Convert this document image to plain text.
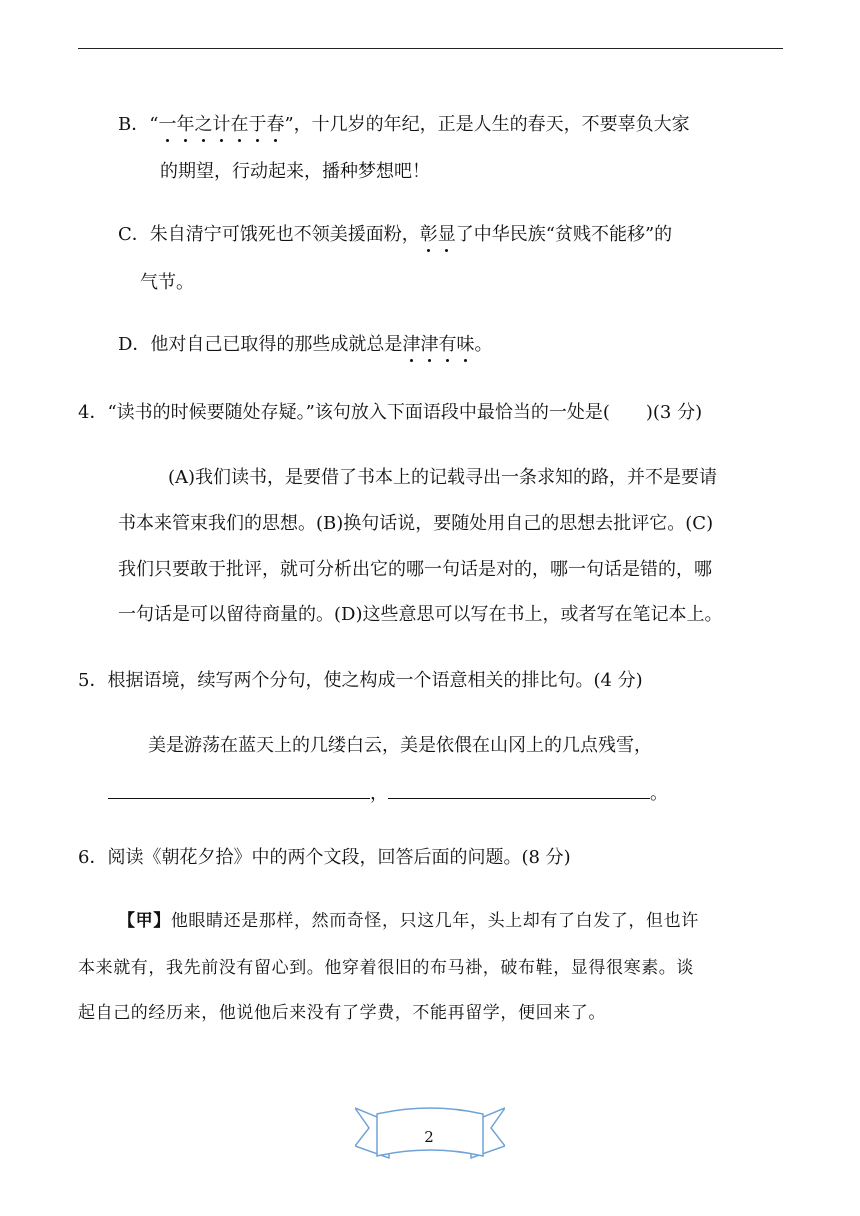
B．“一年之计在于春”，十几岁的年纪，正是人生的春天，不要辜负大家
的期望，行动起来，播种梦想吧！
C．朱自清宁可饿死也不领美援面粉，彰显了中华民族“贫贱不能移”的
气节。
D．他对自己已取得的那些成就总是津津有味。
4．“读书的时候要随处存疑。”该句放入下面语段中最恰当的一处是(　　)(3 分)
(A)我们读书，是要借了书本上的记载寻出一条求知的路，并不是要请
书本来管束我们的思想。(B)换句话说，要随处用自己的思想去批评它。(C)
我们只要敢于批评，就可分析出它的哪一句话是对的，哪一句话是错的，哪
一句话是可以留待商量的。(D)这些意思可以写在书上，或者写在笔记本上。
5．根据语境，续写两个分句，使之构成一个语意相关的排比句。(4 分)
美是游荡在蓝天上的几缕白云，美是依偎在山冈上的几点残雪，
，	。
6．阅读《朝花夕拾》中的两个文段，回答后面的问题。(8 分)
【甲】他眼睛还是那样，然而奇怪，只这几年，头上却有了白发了，但也许
本来就有，我先前没有留心到。他穿着很旧的布马褂，破布鞋，显得很寒素。谈
起自己的经历来，他说他后来没有了学费，不能再留学，便回来了。
2
